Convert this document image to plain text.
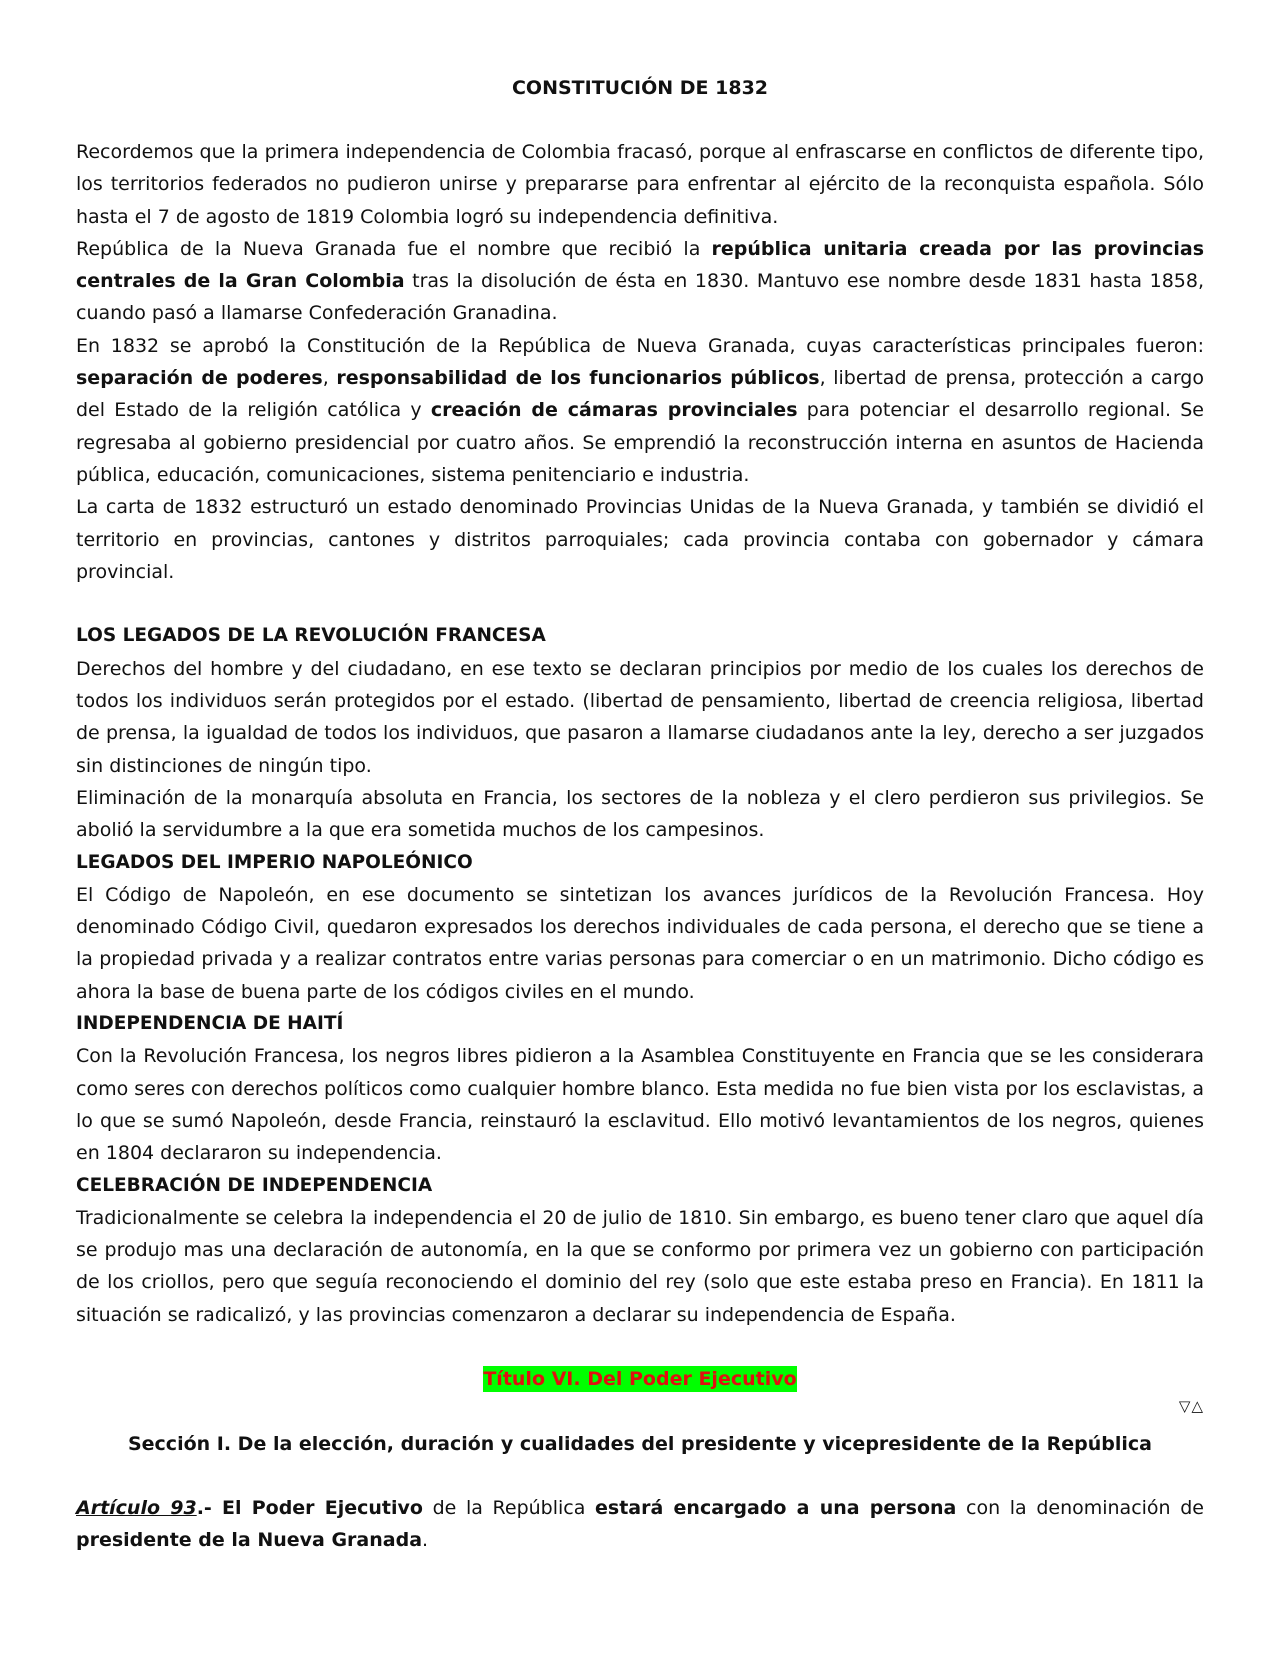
CONSTITUCIÓN DE 1832

Recordemos que la primera independencia de Colombia fracasó, porque al enfrascarse en conflictos de diferente tipo, los territorios federados no pudieron unirse y prepararse para enfrentar al ejército de la reconquista española. Sólo hasta el 7 de agosto de 1819 Colombia logró su independencia definitiva.

República de la Nueva Granada fue el nombre que recibió la república unitaria creada por las provincias centrales de la Gran Colombia tras la disolución de ésta en 1830. Mantuvo ese nombre desde 1831 hasta 1858, cuando pasó a llamarse Confederación Granadina.

En 1832 se aprobó la Constitución de la República de Nueva Granada, cuyas características principales fueron: separación de poderes, responsabilidad de los funcionarios públicos, libertad de prensa, protección a cargo del Estado de la religión católica y creación de cámaras provinciales para potenciar el desarrollo regional. Se regresaba al gobierno presidencial por cuatro años. Se emprendió la reconstrucción interna en asuntos de Hacienda pública, educación, comunicaciones, sistema penitenciario e industria.

La carta de 1832 estructuró un estado denominado Provincias Unidas de la Nueva Granada, y también se dividió el territorio en provincias, cantones y distritos parroquiales; cada provincia contaba con gobernador y cámara provincial.

LOS LEGADOS DE LA REVOLUCIÓN FRANCESA

Derechos del hombre y del ciudadano, en ese texto se declaran principios por medio de los cuales los derechos de todos los individuos serán protegidos por el estado. (libertad de pensamiento, libertad de creencia religiosa, libertad de prensa, la igualdad de todos los individuos, que pasaron a llamarse ciudadanos ante la ley, derecho a ser juzgados sin distinciones de ningún tipo.

Eliminación de la monarquía absoluta en Francia, los sectores de la nobleza y el clero perdieron sus privilegios. Se abolió la servidumbre a la que era sometida muchos de los campesinos.

LEGADOS DEL IMPERIO NAPOLEÓNICO

El Código de Napoleón, en ese documento se sintetizan los avances jurídicos de la Revolución Francesa. Hoy denominado Código Civil, quedaron expresados los derechos individuales de cada persona, el derecho que se tiene a la propiedad privada y a realizar contratos entre varias personas para comerciar o en un matrimonio. Dicho código es ahora la base de buena parte de los códigos civiles en el mundo.

INDEPENDENCIA DE HAITÍ

Con la Revolución Francesa, los negros libres pidieron a la Asamblea Constituyente en Francia que se les considerara como seres con derechos políticos como cualquier hombre blanco. Esta medida no fue bien vista por los esclavistas, a lo que se sumó Napoleón, desde Francia, reinstauró la esclavitud. Ello motivó levantamientos de los negros, quienes en 1804 declararon su independencia.

CELEBRACIÓN DE INDEPENDENCIA

Tradicionalmente se celebra la independencia el 20 de julio de 1810. Sin embargo, es bueno tener claro que aquel día se produjo mas una declaración de autonomía, en la que se conformo por primera vez un gobierno con participación de los criollos, pero que seguía reconociendo el dominio del rey (solo que este estaba preso en Francia). En 1811 la situación se radicalizó, y las provincias comenzaron a declarar su independencia de España.

Título VI. Del Poder Ejecutivo
▽△
Sección I. De la elección, duración y cualidades del presidente y vicepresidente de la República

Artículo 93.- El Poder Ejecutivo de la República estará encargado a una persona con la denominación de presidente de la Nueva Granada.
